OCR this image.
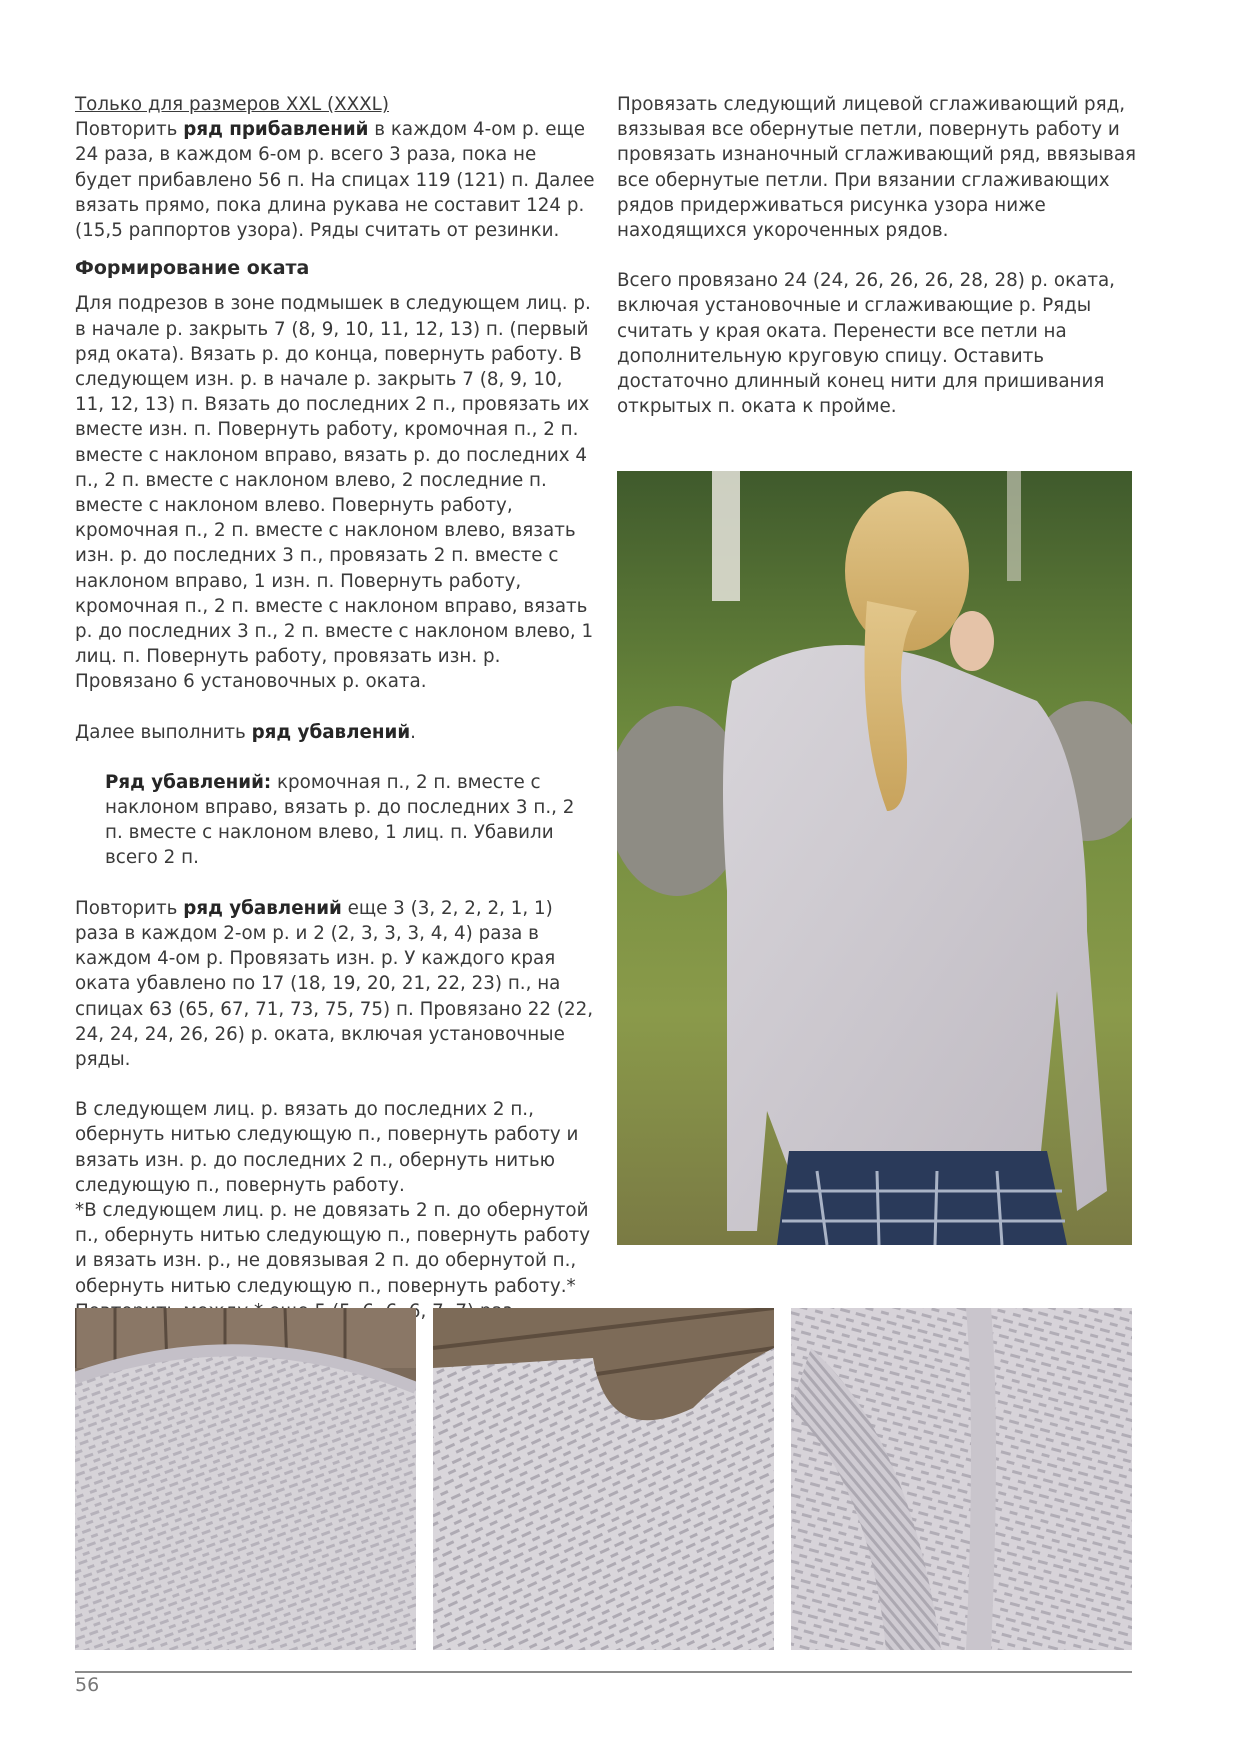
Только для размеров XXL (XXXL)

Повторить ряд прибавлений в каждом 4-ом р. еще 24 раза, в каждом 6-ом р. всего 3 раза, пока не будет прибавлено 56 п. На спицах 119 (121) п. Далее вязать прямо, пока длина рукава не составит 124 р. (15,5 раппортов узора). Ряды считать от резинки.

Формирование оката

Для подрезов в зоне подмышек в следующем лиц. р. в начале р. закрыть 7 (8, 9, 10, 11, 12, 13) п. (первый ряд оката). Вязать р. до конца, повернуть работу. В следующем изн. р. в начале р. закрыть 7 (8, 9, 10, 11, 12, 13) п. Вязать до последних 2 п., провязать их вместе изн. п. Повернуть работу, кромочная п., 2 п. вместе с наклоном вправо, вязать р. до последних 4 п., 2 п. вместе с наклоном влево, 2 последние п. вместе с наклоном влево. Повернуть работу, кромочная п., 2 п. вместе с наклоном влево, вязать изн. р. до последних 3 п., провязать 2 п. вместе с наклоном вправо, 1 изн. п. Повернуть работу, кромочная п., 2 п. вместе с наклоном вправо, вязать р. до последних 3 п., 2 п. вместе с наклоном влево, 1 лиц. п. Повернуть работу, провязать изн. р. Провязано 6 установочных р. оката.

Далее выполнить ряд убавлений.

Ряд убавлений: кромочная п., 2 п. вместе с наклоном вправо, вязать р. до последних 3 п., 2 п. вместе с наклоном влево, 1 лиц. п. Убавили всего 2 п.

Повторить ряд убавлений еще 3 (3, 2, 2, 2, 1, 1) раза в каждом 2-ом р. и 2 (2, 3, 3, 3, 4, 4) раза в каждом 4-ом р. Провязать изн. р. У каждого края оката убавлено по 17 (18, 19, 20, 21, 22, 23) п., на спицах 63 (65, 67, 71, 73, 75, 75) п. Провязано 22 (22, 24, 24, 24, 26, 26) р. оката, включая установочные ряды.

В следующем лиц. р. вязать до последних 2 п., обернуть нитью следующую п., повернуть работу и вязать изн. р. до последних 2 п., обернуть нитью следующую п., повернуть работу.

*В следующем лиц. р. не довязать 2 п. до обернутой п., обернуть нитью следующую п., повернуть работу и вязать изн. р., не довязывая 2 п. до обернутой п., обернуть нитью следующую п., повернуть работу.* 6,

Провязать следующий лицевой сглаживающий ряд, вяззывая все обернутые петли, повернуть работу и провязать изнаночный сглаживающий ряд, ввязывая все обернутые петли. При вязании сглаживающих рядов придерживаться рисунка узора ниже находящихся укороченных рядов.

Всего провязано 24 (24, 26, 26, 26, 28, 28) р. оката, включая установочные и сглаживающие р. Ряды считать у края оката. Перенести все петли на дополнительную круговую спицу. Оставить достаточно длинный конец нити для пришивания открытых п. оката к пройме.

56
